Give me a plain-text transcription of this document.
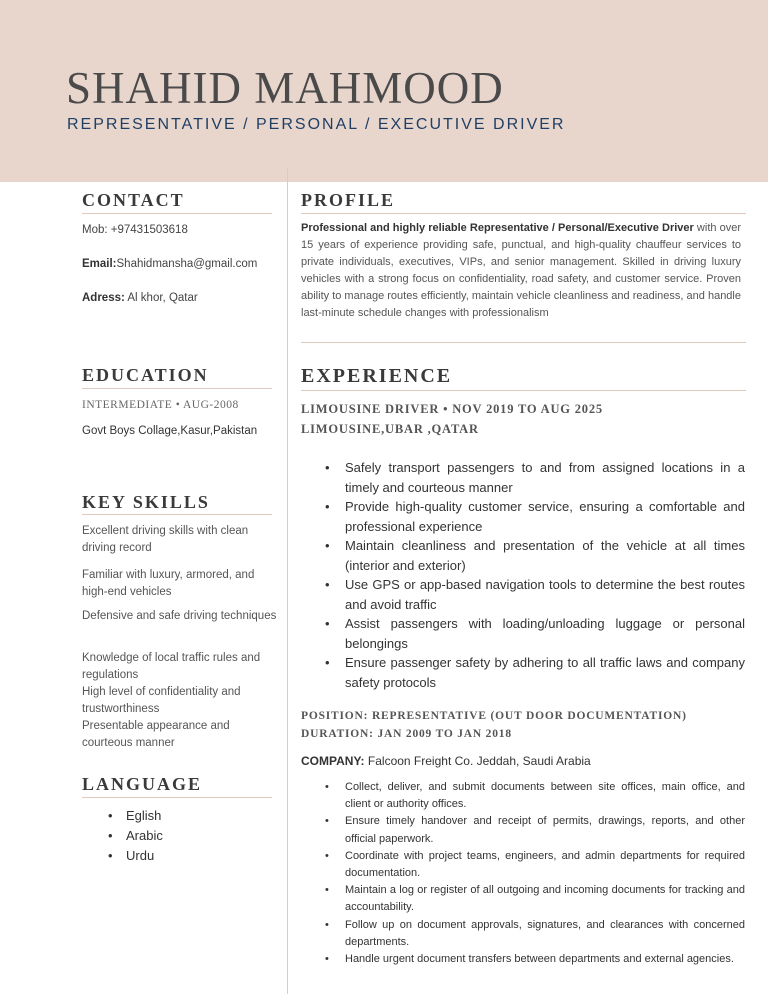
SHAHID MAHMOOD
REPRESENTATIVE / PERSONAL / EXECUTIVE DRIVER
CONTACT
Mob: +97431503618
Email:Shahidmansha@gmail.com
Adress: Al khor, Qatar
EDUCATION
INTERMEDIATE • AUG-2008
Govt Boys Collage,Kasur,Pakistan
KEY SKILLS
Excellent driving skills with clean driving record
Familiar with luxury, armored, and high-end vehicles
Defensive and safe driving techniques
Knowledge of local traffic rules and regulations
High level of confidentiality and trustworthiness
Presentable appearance and courteous manner
LANGUAGE
• Eglish
• Arabic
• Urdu
PROFILE
Professional and highly reliable Representative / Personal/Executive Driver with over 15 years of experience providing safe, punctual, and high-quality chauffeur services to private individuals, executives, VIPs, and senior management. Skilled in driving luxury vehicles with a strong focus on confidentiality, road safety, and customer service. Proven ability to manage routes efficiently, maintain vehicle cleanliness and readiness, and handle last-minute schedule changes with professionalism
EXPERIENCE
LIMOUSINE DRIVER • NOV 2019 TO AUG 2025
LIMOUSINE,UBAR ,QATAR
• Safely transport passengers to and from assigned locations in a timely and courteous manner
• Provide high-quality customer service, ensuring a comfortable and professional experience
• Maintain cleanliness and presentation of the vehicle at all times (interior and exterior)
• Use GPS or app-based navigation tools to determine the best routes and avoid traffic
• Assist passengers with loading/unloading luggage or personal belongings
• Ensure passenger safety by adhering to all traffic laws and company safety protocols
POSITION: REPRESENTATIVE (OUT DOOR DOCUMENTATION)
DURATION: JAN 2009 TO JAN 2018
COMPANY: Falcoon Freight Co. Jeddah, Saudi Arabia
• Collect, deliver, and submit documents between site offices, main office, and client or authority offices.
• Ensure timely handover and receipt of permits, drawings, reports, and other official paperwork.
• Coordinate with project teams, engineers, and admin departments for required documentation.
• Maintain a log or register of all outgoing and incoming documents for tracking and accountability.
• Follow up on document approvals, signatures, and clearances with concerned departments.
• Handle urgent document transfers between departments and external agencies.
